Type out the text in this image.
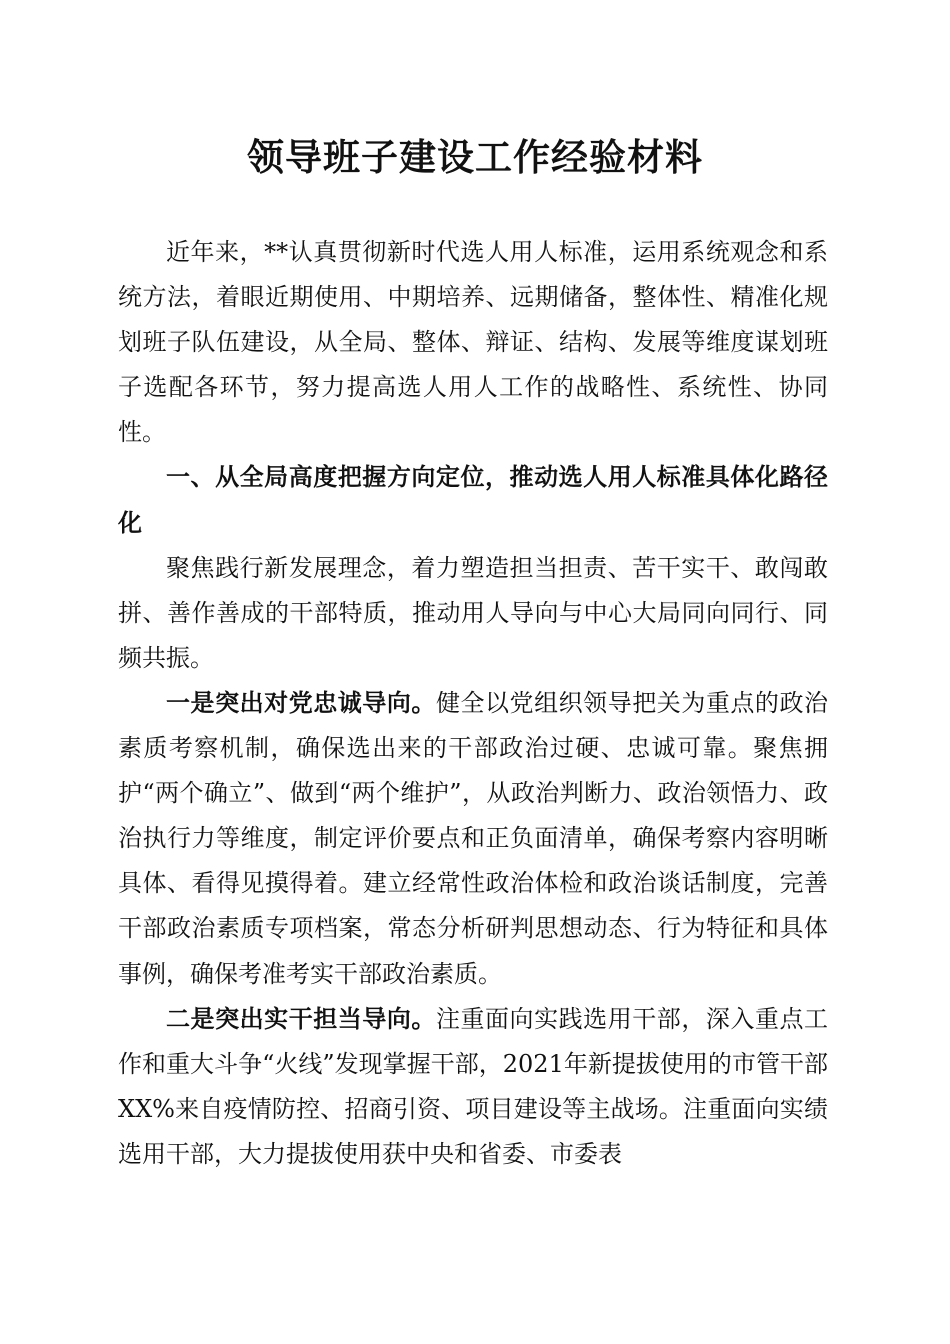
领导班子建设工作经验材料

近年来，**认真贯彻新时代选人用人标准，运用系统观念和系统方法，着眼近期使用、中期培养、远期储备，整体性、精准化规划班子队伍建设，从全局、整体、辩证、结构、发展等维度谋划班子选配各环节，努力提高选人用人工作的战略性、系统性、协同性。

一、从全局高度把握方向定位，推动选人用人标准具体化路径化

聚焦践行新发展理念，着力塑造担当担责、苦干实干、敢闯敢拼、善作善成的干部特质，推动用人导向与中心大局同向同行、同频共振。

一是突出对党忠诚导向。健全以党组织领导把关为重点的政治素质考察机制，确保选出来的干部政治过硬、忠诚可靠。聚焦拥护“两个确立”、做到“两个维护”，从政治判断力、政治领悟力、政治执行力等维度，制定评价要点和正负面清单，确保考察内容明晰具体、看得见摸得着。建立经常性政治体检和政治谈话制度，完善干部政治素质专项档案，常态分析研判思想动态、行为特征和具体事例，确保考准考实干部政治素质。

二是突出实干担当导向。注重面向实践选用干部，深入重点工作和重大斗争“火线”发现掌握干部，2021年新提拔使用的市管干部XX%来自疫情防控、招商引资、项目建设等主战场。注重面向实绩选用干部，大力提拔使用获中央和省委、市委表
